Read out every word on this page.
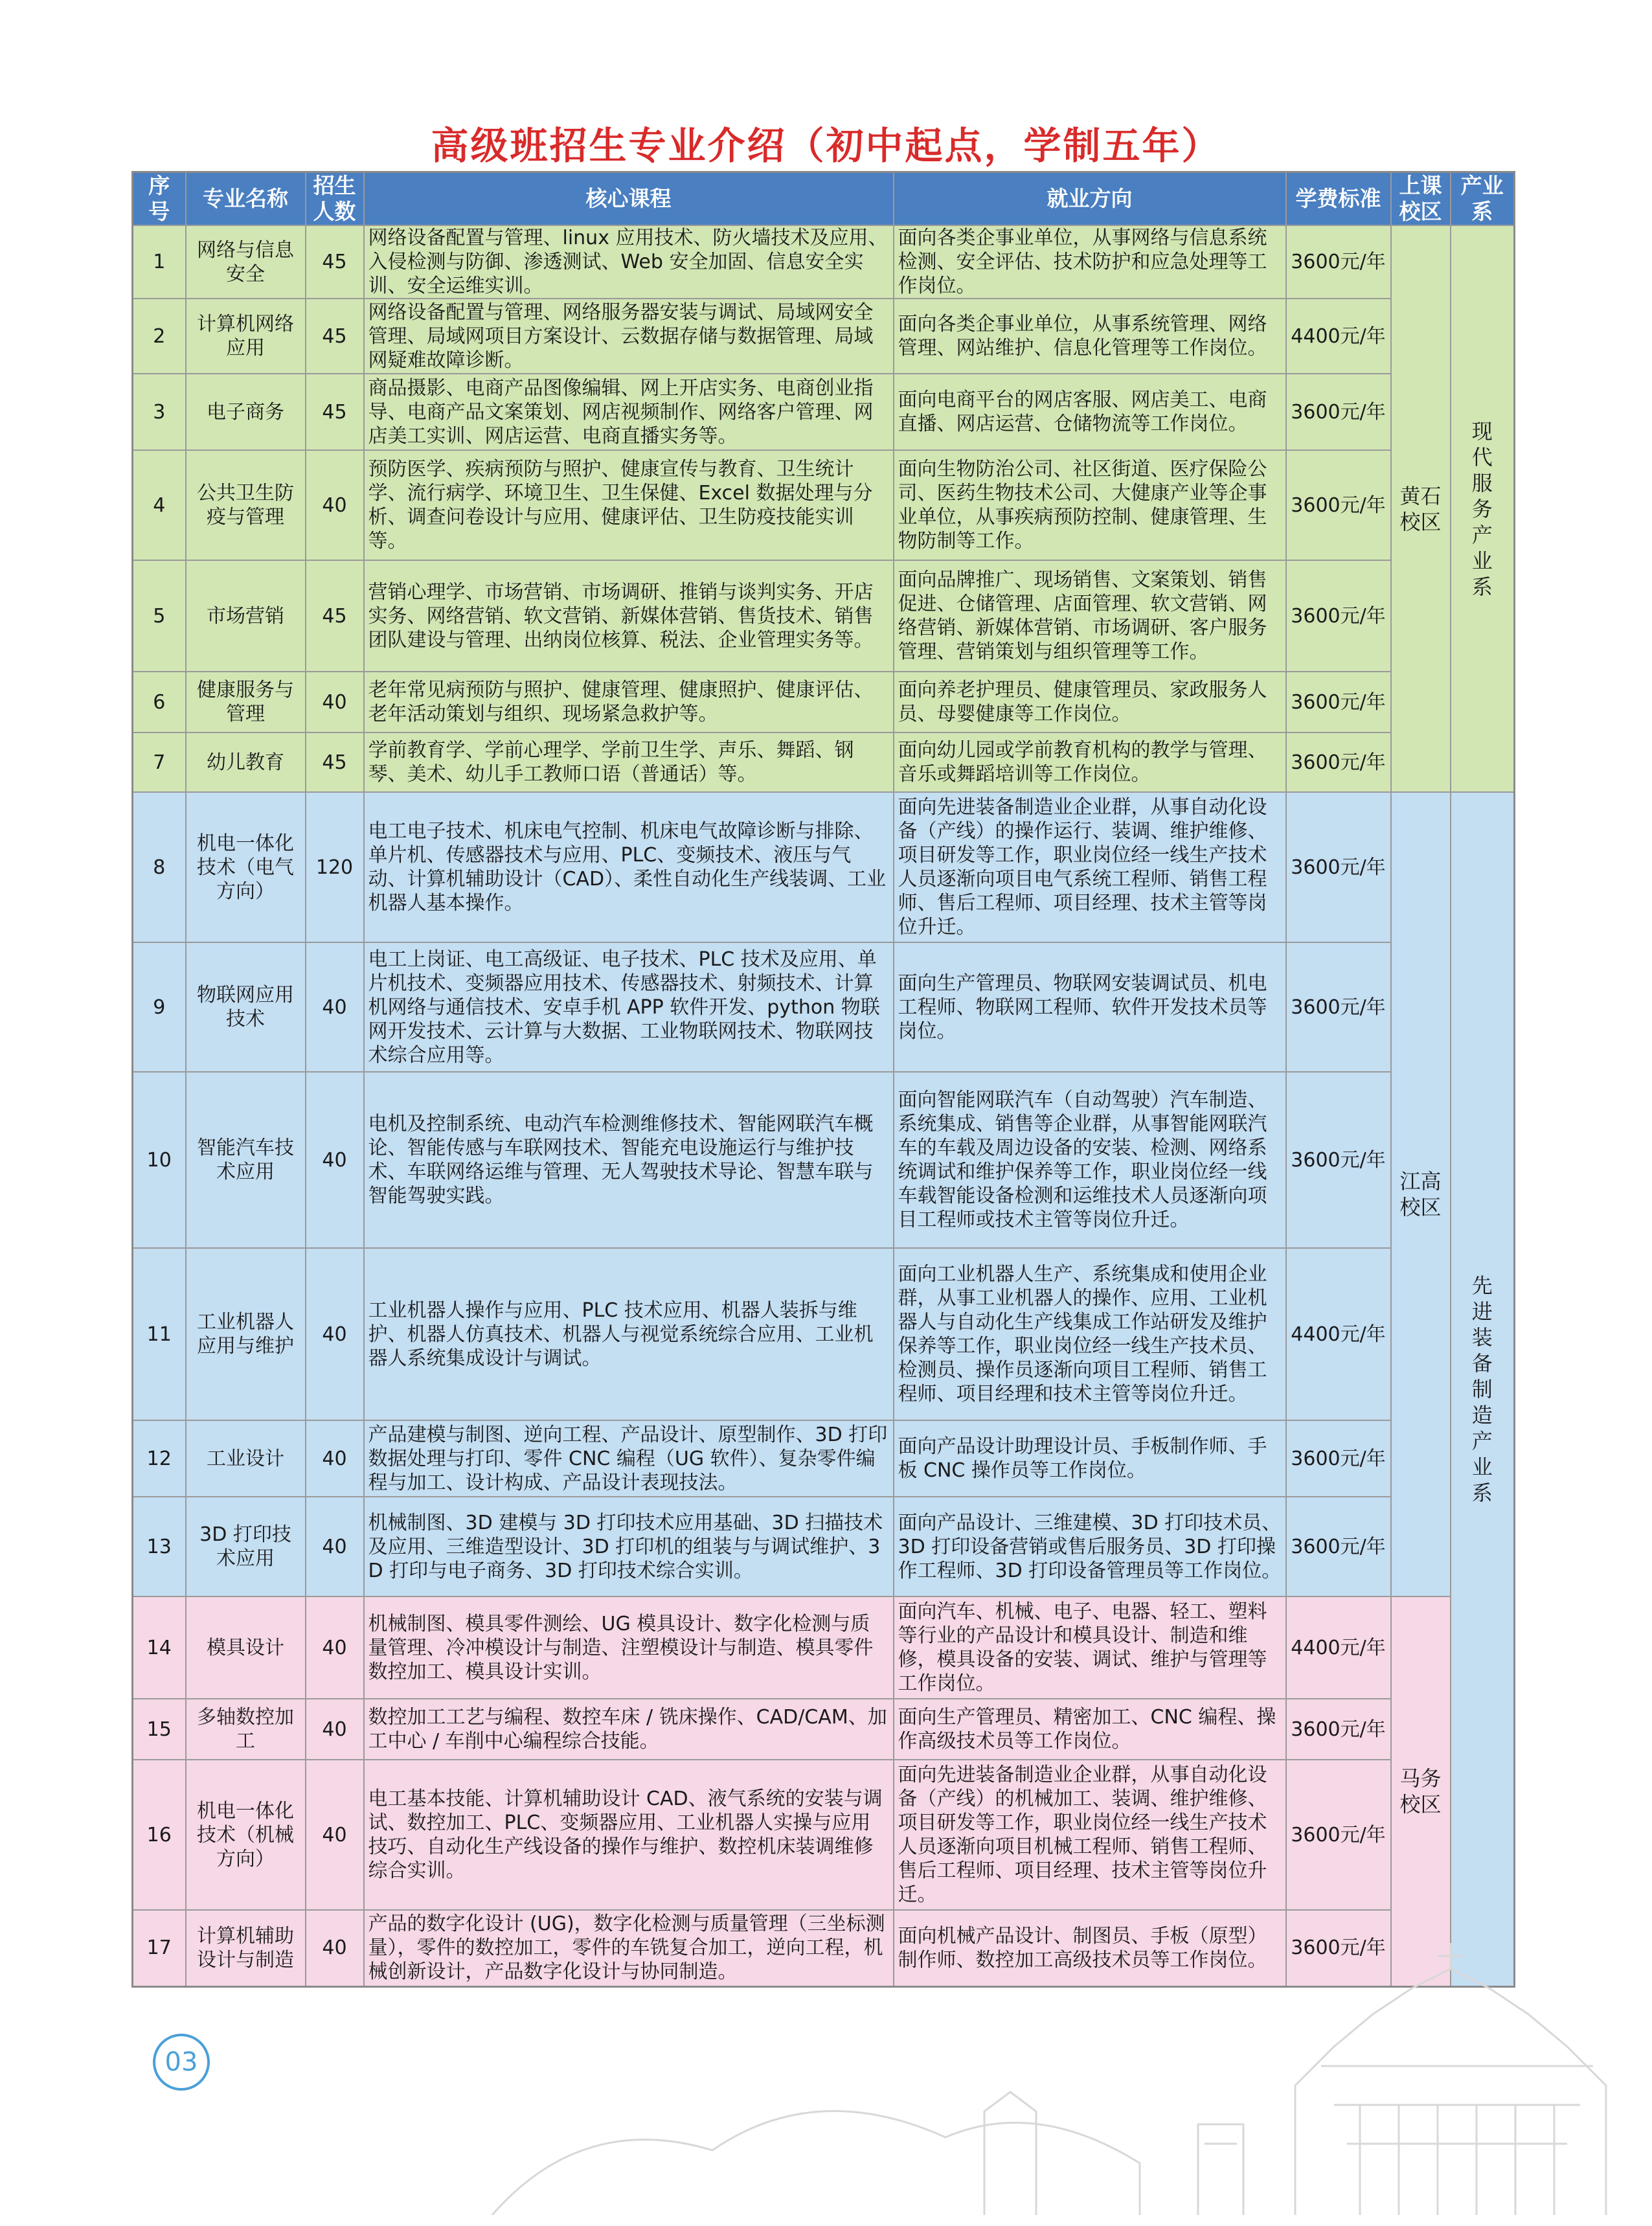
高级班招生专业介绍（初中起点，学制五年）
序号	专业名称	招生人数	核心课程	就业方向	学费标准	上课校区	产业系
1	网络与信息安全	45	网络设备配置与管理、linux 应用技术、防火墙技术及应用、入侵检测与防御、渗透测试、Web 安全加固、信息安全实训、安全运维实训。	面向各类企事业单位，从事网络与信息系统检测、安全评估、技术防护和应急处理等工作岗位。	3600元/年	黄石校区	现代服务产业系
2	计算机网络应用	45	网络设备配置与管理、网络服务器安装与调试、局域网安全管理、局域网项目方案设计、云数据存储与数据管理、局域网疑难故障诊断。	面向各类企事业单位，从事系统管理、网络管理、网站维护、信息化管理等工作岗位。	4400元/年		
3	电子商务	45	商品摄影、电商产品图像编辑、网上开店实务、电商创业指导、电商产品文案策划、网店视频制作、网络客户管理、网店美工实训、网店运营、电商直播实务等。	面向电商平台的网店客服、网店美工、电商直播、网店运营、仓储物流等工作岗位。	3600元/年		
4	公共卫生防疫与管理	40	预防医学、疾病预防与照护、健康宣传与教育、卫生统计学、流行病学、环境卫生、卫生保健、Excel 数据处理与分析、调查问卷设计与应用、健康评估、卫生防疫技能实训等。	面向生物防治公司、社区街道、医疗保险公司、医药生物技术公司、大健康产业等企事业单位，从事疾病预防控制、健康管理、生物防制等工作。	3600元/年		
5	市场营销	45	营销心理学、市场营销、市场调研、推销与谈判实务、开店实务、网络营销、软文营销、新媒体营销、售货技术、销售团队建设与管理、出纳岗位核算、税法、企业管理实务等。	面向品牌推广、现场销售、文案策划、销售促进、仓储管理、店面管理、软文营销、网络营销、新媒体营销、市场调研、客户服务管理、营销策划与组织管理等工作。	3600元/年		
6	健康服务与管理	40	老年常见病预防与照护、健康管理、健康照护、健康评估、老年活动策划与组织、现场紧急救护等。	面向养老护理员、健康管理员、家政服务人员、母婴健康等工作岗位。	3600元/年		
7	幼儿教育	45	学前教育学、学前心理学、学前卫生学、声乐、舞蹈、钢琴、美术、幼儿手工教师口语（普通话）等。	面向幼儿园或学前教育机构的教学与管理、音乐或舞蹈培训等工作岗位。	3600元/年		
8	机电一体化技术（电气方向）	120	电工电子技术、机床电气控制、机床电气故障诊断与排除、单片机、传感器技术与应用、PLC、变频技术、液压与气动、计算机辅助设计（CAD）、柔性自动化生产线装调、工业机器人基本操作。	面向先进装备制造业企业群，从事自动化设备（产线）的操作运行、装调、维护维修、项目研发等工作，职业岗位经一线生产技术人员逐渐向项目电气系统工程师、销售工程师、售后工程师、项目经理、技术主管等岗位升迁。	3600元/年	江高校区	先进装备制造产业系
9	物联网应用技术	40	电工上岗证、电工高级证、电子技术、PLC 技术及应用、单片机技术、变频器应用技术、传感器技术、射频技术、计算机网络与通信技术、安卓手机 APP 软件开发、python 物联网开发技术、云计算与大数据、工业物联网技术、物联网技术综合应用等。	面向生产管理员、物联网安装调试员、机电工程师、物联网工程师、软件开发技术员等岗位。	3600元/年		
10	智能汽车技术应用	40	电机及控制系统、电动汽车检测维修技术、智能网联汽车概论、智能传感与车联网技术、智能充电设施运行与维护技术、车联网络运维与管理、无人驾驶技术导论、智慧车联与智能驾驶实践。	面向智能网联汽车（自动驾驶）汽车制造、系统集成、销售等企业群，从事智能网联汽车的车载及周边设备的安装、检测、网络系统调试和维护保养等工作，职业岗位经一线车载智能设备检测和运维技术人员逐渐向项目工程师或技术主管等岗位升迁。	3600元/年		
11	工业机器人应用与维护	40	工业机器人操作与应用、PLC 技术应用、机器人装拆与维护、机器人仿真技术、机器人与视觉系统综合应用、工业机器人系统集成设计与调试。	面向工业机器人生产、系统集成和使用企业群，从事工业机器人的操作、应用、工业机器人与自动化生产线集成工作站研发及维护保养等工作，职业岗位经一线生产技术员、检测员、操作员逐渐向项目工程师、销售工程师、项目经理和技术主管等岗位升迁。	4400元/年		
12	工业设计	40	产品建模与制图、逆向工程、产品设计、原型制作、3D 打印数据处理与打印、零件 CNC 编程（UG 软件）、复杂零件编程与加工、设计构成、产品设计表现技法。	面向产品设计助理设计员、手板制作师、手板 CNC 操作员等工作岗位。	3600元/年		
13	3D 打印技术应用	40	机械制图、3D 建模与 3D 打印技术应用基础、3D 扫描技术及应用、三维造型设计、3D 打印机的组装与与调试维护、3D 打印与电子商务、3D 打印技术综合实训。	面向产品设计、三维建模、3D 打印技术员、3D 打印设备营销或售后服务员、3D 打印操作工程师、3D 打印设备管理员等工作岗位。	3600元/年		
14	模具设计	40	机械制图、模具零件测绘、UG 模具设计、数字化检测与质量管理、冷冲模设计与制造、注塑模设计与制造、模具零件数控加工、模具设计实训。	面向汽车、机械、电子、电器、轻工、塑料等行业的产品设计和模具设计、制造和维修，模具设备的安装、调试、维护与管理等工作岗位。	4400元/年	马务校区	
15	多轴数控加工	40	数控加工工艺与编程、数控车床 / 铣床操作、CAD/CAM、加工中心 / 车削中心编程综合技能。	面向生产管理员、精密加工、CNC 编程、操作高级技术员等工作岗位。	3600元/年		
16	机电一体化技术（机械方向）	40	电工基本技能、计算机辅助设计 CAD、液气系统的安装与调试、数控加工、PLC、变频器应用、工业机器人实操与应用技巧、自动化生产线设备的操作与维护、数控机床装调维修综合实训。	面向先进装备制造业企业群，从事自动化设备（产线）的机械加工、装调、维护维修、项目研发等工作，职业岗位经一线生产技术人员逐渐向项目机械工程师、销售工程师、售后工程师、项目经理、技术主管等岗位升迁。	3600元/年		
17	计算机辅助设计与制造	40	产品的数字化设计 (UG)，数字化检测与质量管理（三坐标测量），零件的数控加工，零件的车铣复合加工，逆向工程，机械创新设计，产品数字化设计与协同制造。	面向机械产品设计、制图员、手板（原型）制作师、数控加工高级技术员等工作岗位。	3600元/年		
03
